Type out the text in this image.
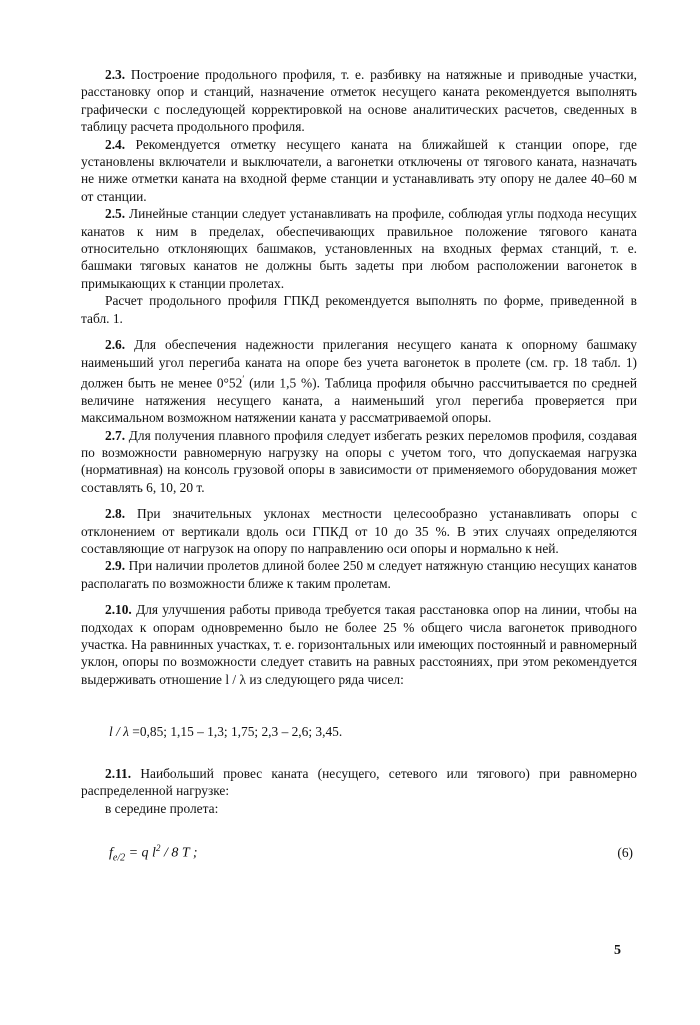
2.3. Построение продольного профиля, т. е. разбивку на натяжные и приводные участки, расстановку опор и станций, назначение отметок несущего каната рекомендуется выполнять графически с последующей корректировкой на основе аналитических расчетов, сведенных в таблицу расчета продольного профиля.

2.4. Рекомендуется отметку несущего каната на ближайшей к станции опоре, где установлены включатели и выключатели, а вагонетки отключены от тягового каната, назначать не ниже отметки каната на входной ферме станции и устанавливать эту опору не далее 40–60 м от станции.

2.5. Линейные станции следует устанавливать на профиле, соблюдая углы подхода несущих канатов к ним в пределах, обеспечивающих правильное положение тягового каната относительно отклоняющих башмаков, установленных на входных фермах станций, т. е. башмаки тяговых канатов не должны быть задеты при любом расположении вагонеток в примыкающих к станции пролетах.

Расчет продольного профиля ГПКД рекомендуется выполнять по форме, приведенной в табл. 1.

2.6. Для обеспечения надежности прилегания несущего каната к опорному башмаку наименьший угол перегиба каната на опоре без учета вагонеток в пролете (см. гр. 18 табл. 1) должен быть не менее 0°52′ (или 1,5 %). Таблица профиля обычно рассчитывается по средней величине натяжения несущего каната, а наименьший угол перегиба проверяется при максимальном возможном натяжении каната у рассматриваемой опоры.

2.7. Для получения плавного профиля следует избегать резких переломов профиля, создавая по возможности равномерную нагрузку на опоры с учетом того, что допускаемая нагрузка (нормативная) на консоль грузовой опоры в зависимости от применяемого оборудования может составлять 6, 10, 20 т.

2.8. При значительных уклонах местности целесообразно устанавливать опоры с отклонением от вертикали вдоль оси ГПКД от 10 до 35 %. В этих случаях определяются составляющие от нагрузок на опору по направлению оси опоры и нормально к ней.

2.9. При наличии пролетов длиной более 250 м следует натяжную станцию несущих канатов располагать по возможности ближе к таким пролетам.

2.10. Для улучшения работы привода требуется такая расстановка опор на линии, чтобы на подходах к опорам одновременно было не более 25 % общего числа вагонеток приводного участка. На равнинных участках, т. е. горизонтальных или имеющих постоянный и равномерный уклон, опоры по возможности следует ставить на равных расстояниях, при этом рекомендуется выдерживать отношение l / λ из следующего ряда чисел:

l / λ =0,85; 1,15 – 1,3; 1,75; 2,3 – 2,6; 3,45.

2.11. Наибольший провес каната (несущего, сетевого или тягового) при равномерно распределенной нагрузке:

в середине пролета:

$f_{e/2} = q$ $l^2 / 8$ T ;	(6)
5
